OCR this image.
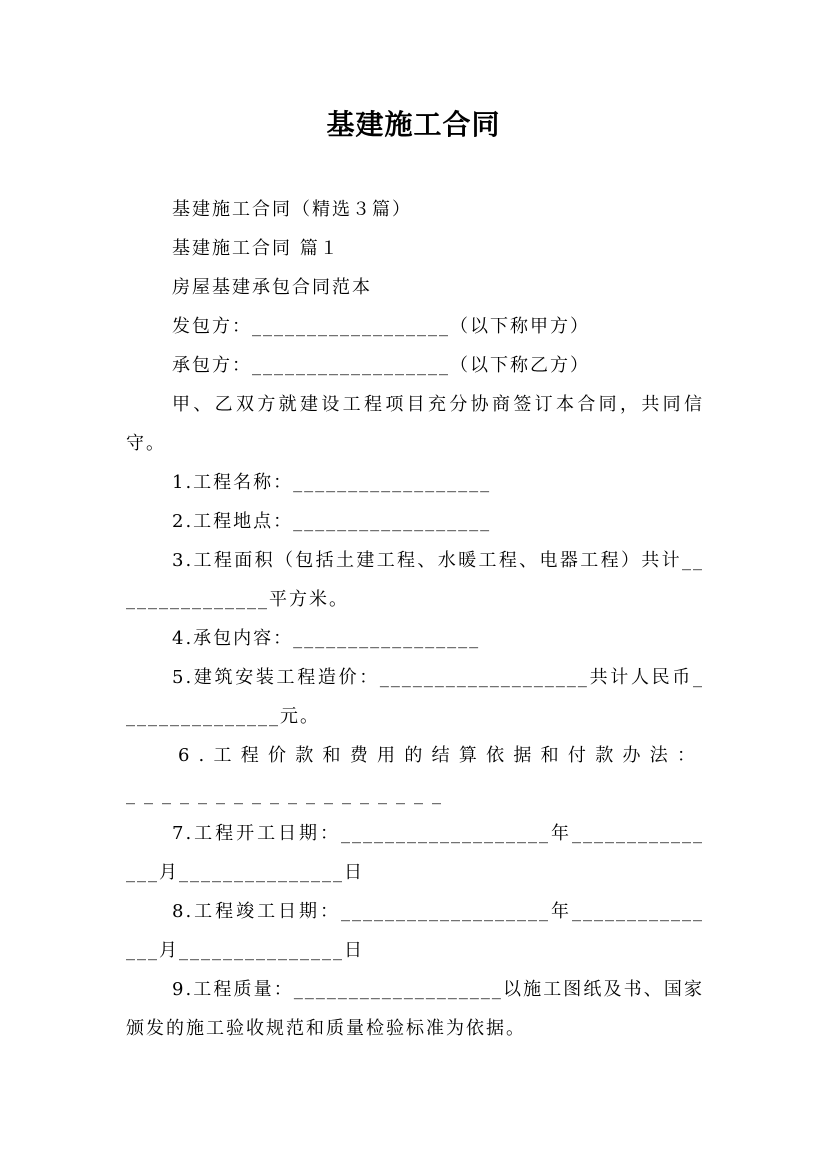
基建施工合同

基建施工合同（精选３篇）

基建施工合同 篇１

房屋基建承包合同范本

发包方：__________________（以下称甲方）

承包方：__________________（以下称乙方）

甲、乙双方就建设工程项目充分协商签订本合同，共同信守。

1.工程名称：__________________

2.工程地点：__________________

3.工程面积（包括土建工程、水暖工程、电器工程）共计_______________平方米。

4.承包内容：_________________

5.建筑安装工程造价：___________________共计人民币_______________元。

6.工程价款和费用的结算依据和付款办法：__________________

7.工程开工日期：___________________年_______________月_______________日

8.工程竣工日期：___________________年_______________月_______________日

9.工程质量：___________________以施工图纸及书、国家颁发的施工验收规范和质量检验标准为依据。
